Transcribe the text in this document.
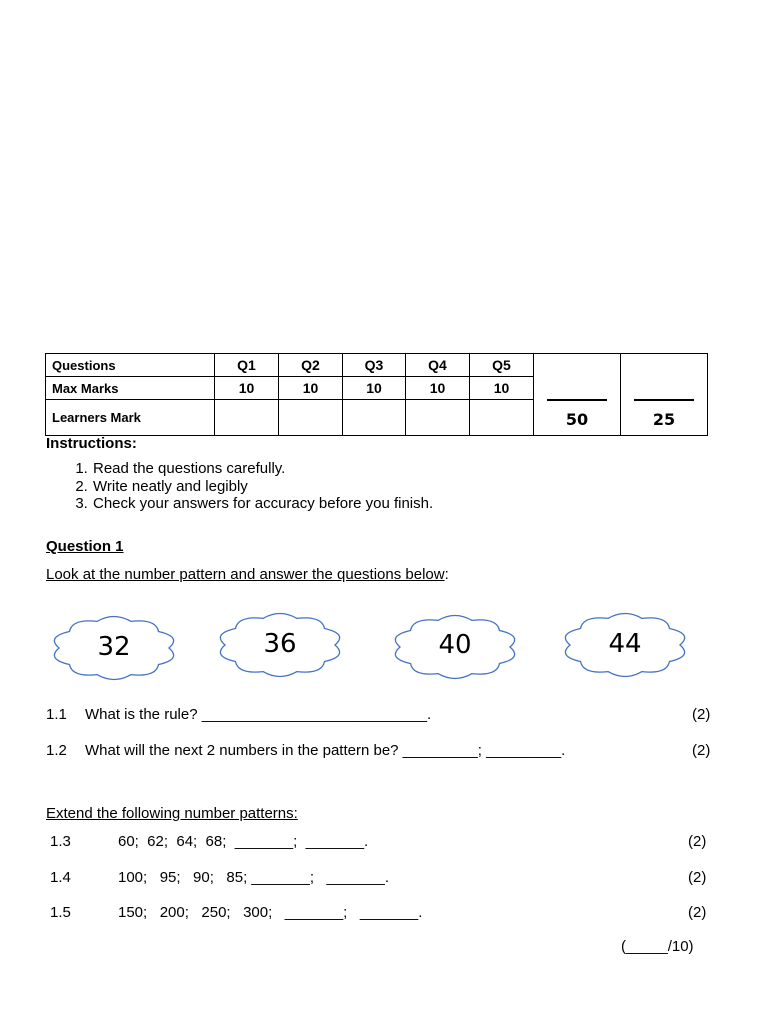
Questions	Q1	Q2	Q3	Q4	Q5	50	25

Max Marks	10	10	10	10	10		
Learners Mark							
Instructions:
1. Read the questions carefully.
2. Write neatly and legibly
3. Check your answers for accuracy before you finish.
Question 1
Look at the number pattern and answer the questions below:
32	36	40	44
1.1 What is the rule? ___________________________.	(2)
1.2 What will the next 2 numbers in the pattern be? _________; _________.	(2)
Extend the following number patterns:
1.3	60;  62;  64;  68;  _______;  _______.	(2)
1.4	100;   95;   90;   85; _______;   _______.	(2)
1.5	150;   200;   250;   300;   _______;   _______.	(2)
(_____/10)
